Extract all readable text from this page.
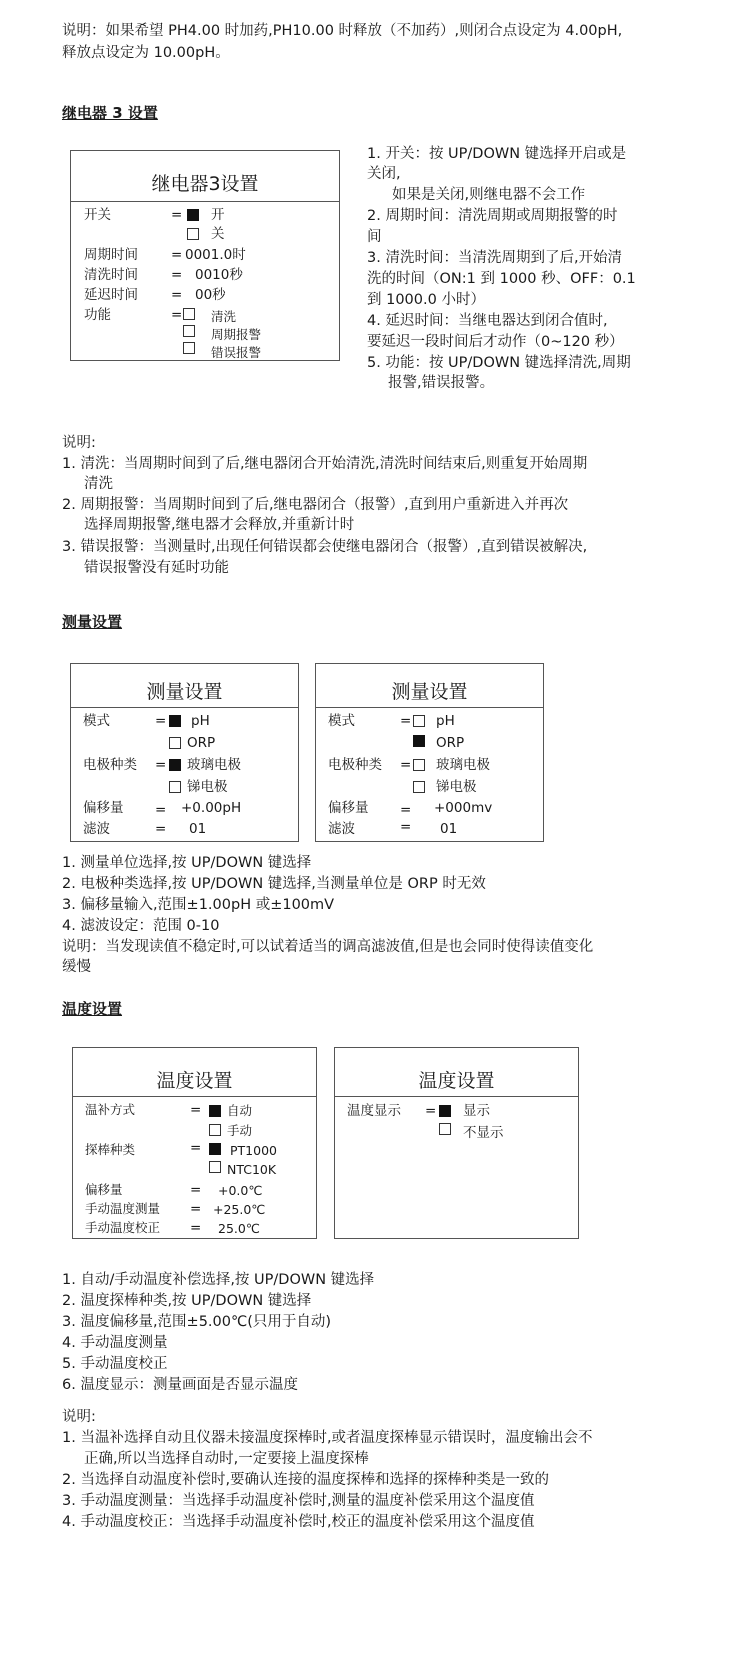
说明：如果希望 PH4.00 时加药,PH10.00 时释放（不加药）,则闭合点设定为 4.00pH,
释放点设定为 10.00pH。
继电器 3 设置
继电器3设置
开关	= 开
关
周期时间 = 0001.0时
清洗时间 = 0010秒
延迟时间 = 00秒
功能	= 清洗
周期报警
错误报警
1. 开关：按 UP/DOWN 键选择开启或是
关闭,
如果是关闭,则继电器不会工作
2. 周期时间：清洗周期或周期报警的时
间
3. 清洗时间：当清洗周期到了后,开始清
洗的时间（ON:1 到 1000 秒、OFF：0.1
到 1000.0 小时）
4. 延迟时间：当继电器达到闭合值时,
要延迟一段时间后才动作（0~120 秒）
5. 功能：按 UP/DOWN 键选择清洗,周期
报警,错误报警。
说明:
1. 清洗：当周期时间到了后,继电器闭合开始清洗,清洗时间结束后,则重复开始周期
清洗
2. 周期报警：当周期时间到了后,继电器闭合（报警）,直到用户重新进入并再次
选择周期报警,继电器才会释放,并重新计时
3. 错误报警：当测量时,出现任何错误都会使继电器闭合（报警）,直到错误被解决,
错误报警没有延时功能
测量设置
测量设置
模式	= pH
ORP
电极种类 = 玻璃电极
锑电极
偏移量 = +0.00pH
滤波	= 01
测量设置
模式	= pH
ORP
电极种类 = 玻璃电极
锑电极
偏移量 = +000mv
滤波	= 01
1. 测量单位选择,按 UP/DOWN 键选择
2. 电极种类选择,按 UP/DOWN 键选择,当测量单位是 ORP 时无效
3. 偏移量输入,范围±1.00pH 或±100mV
4. 滤波设定：范围 0-10
说明：当发现读值不稳定时,可以试着适当的调高滤波值,但是也会同时使得读值变化
缓慢
温度设置
温度设置
温补方式	= 自动
手动
探棒种类	= PT1000
NTC10K
偏移量	= +0.0℃
手动温度测量 = +25.0℃
手动温度校正 = 25.0℃
温度设置
温度显示 = 显示
不显示
1. 自动/手动温度补偿选择,按 UP/DOWN 键选择
2. 温度探棒种类,按 UP/DOWN 键选择
3. 温度偏移量,范围±5.00℃(只用于自动)
4. 手动温度测量
5. 手动温度校正
6. 温度显示：测量画面是否显示温度
说明:
1. 当温补选择自动且仪器未接温度探棒时,或者温度探棒显示错误时，温度输出会不
正确,所以当选择自动时,一定要接上温度探棒
2. 当选择自动温度补偿时,要确认连接的温度探棒和选择的探棒种类是一致的
3. 手动温度测量：当选择手动温度补偿时,测量的温度补偿采用这个温度值
4. 手动温度校正：当选择手动温度补偿时,校正的温度补偿采用这个温度值
